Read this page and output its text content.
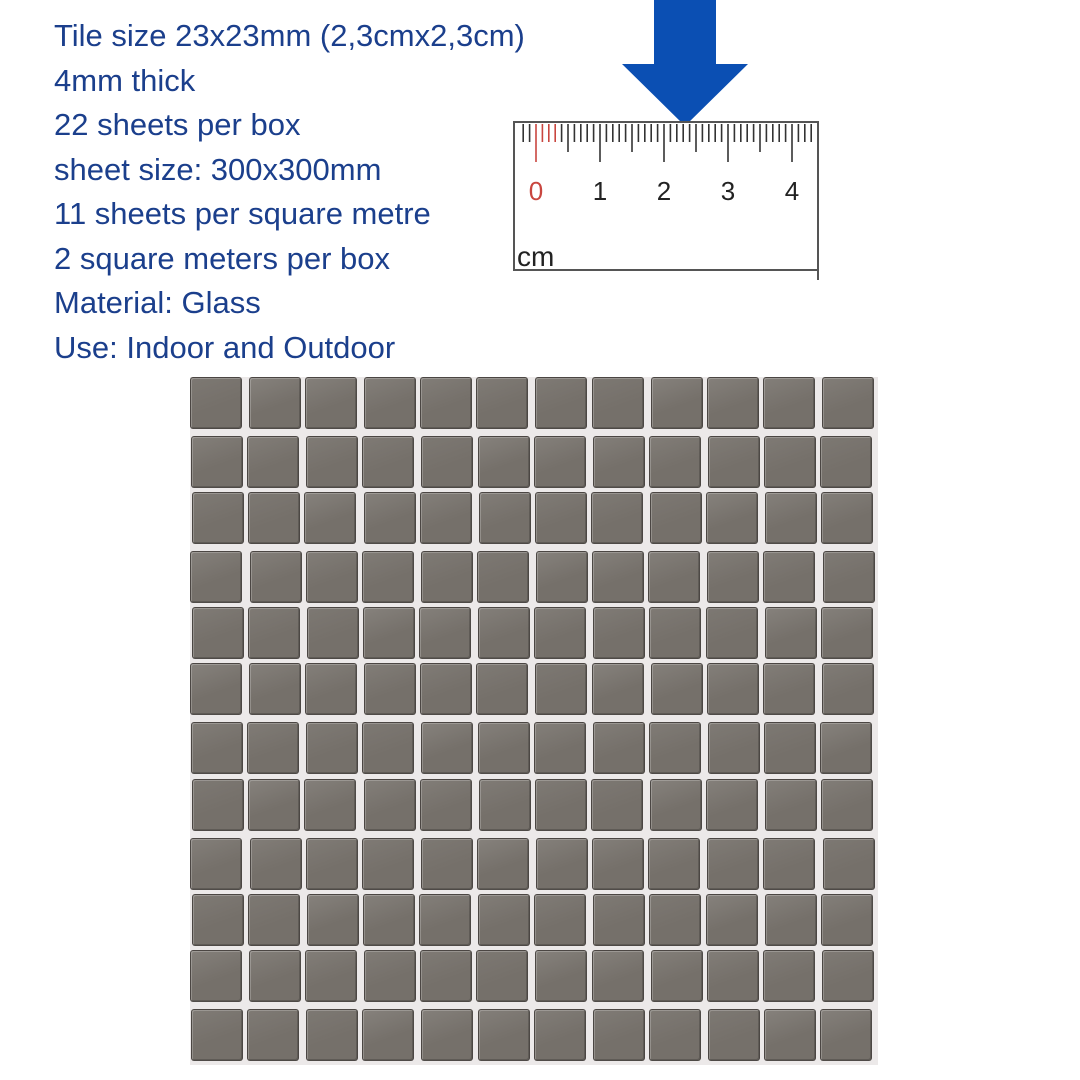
Tile size 23x23mm (2,3cmx2,3cm)
4mm thick
22 sheets per box
sheet size: 300x300mm
11 sheets per square metre
2 square meters per box
Material: Glass
Use: Indoor and Outdoor
0 1 2 3 4
cm
